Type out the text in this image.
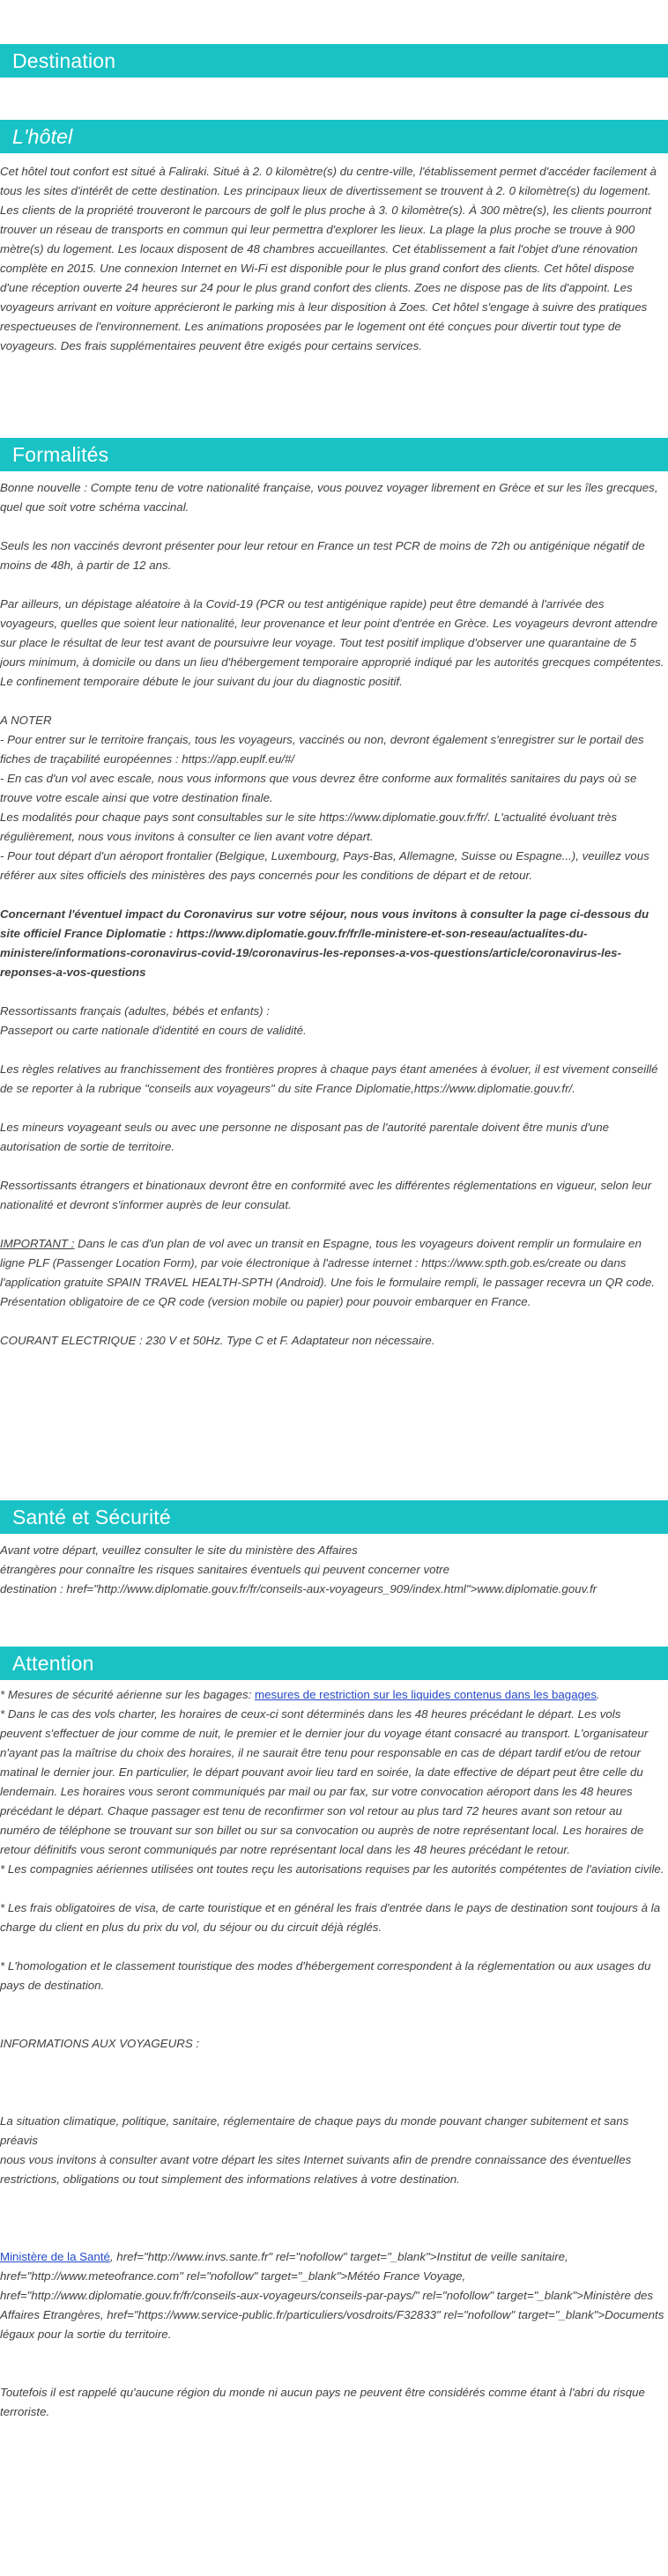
Destination
L'hôtel

Cet hôtel tout confort est situé à Faliraki. Situé à 2. 0 kilomètre(s) du centre-ville, l'établissement permet d'accéder facilement à tous les sites d'intérêt de cette destination. Les principaux lieux de divertissement se trouvent à 2. 0 kilomètre(s) du logement. Les clients de la propriété trouveront le parcours de golf le plus proche à 3. 0 kilomètre(s). À 300 mètre(s), les clients pourront trouver un réseau de transports en commun qui leur permettra d'explorer les lieux. La plage la plus proche se trouve à 900 mètre(s) du logement. Les locaux disposent de 48 chambres accueillantes. Cet établissement a fait l'objet d'une rénovation complète en 2015. Une connexion Internet en Wi-Fi est disponible pour le plus grand confort des clients. Cet hôtel dispose d'une réception ouverte 24 heures sur 24 pour le plus grand confort des clients. Zoes ne dispose pas de lits d'appoint. Les voyageurs arrivant en voiture apprécieront le parking mis à leur disposition à Zoes. Cet hôtel s'engage à suivre des pratiques respectueuses de l'environnement. Les animations proposées par le logement ont été conçues pour divertir tout type de voyageurs. Des frais supplémentaires peuvent être exigés pour certains services.

Formalités

Bonne nouvelle : Compte tenu de votre nationalité française, vous pouvez voyager librement en Grèce et sur les îles grecques, quel que soit votre schéma vaccinal.

Seuls les non vaccinés devront présenter pour leur retour en France un test PCR de moins de 72h ou antigénique négatif de moins de 48h, à partir de 12 ans.

Par ailleurs, un dépistage aléatoire à la Covid-19 (PCR ou test antigénique rapide) peut être demandé à l'arrivée des voyageurs, quelles que soient leur nationalité, leur provenance et leur point d'entrée en Grèce. Les voyageurs devront attendre sur place le résultat de leur test avant de poursuivre leur voyage. Tout test positif implique d'observer une quarantaine de 5 jours minimum, à domicile ou dans un lieu d'hébergement temporaire approprié indiqué par les autorités grecques compétentes. Le confinement temporaire débute le jour suivant du jour du diagnostic positif.

A NOTER

- Pour entrer sur le territoire français, tous les voyageurs, vaccinés ou non, devront également s'enregistrer sur le portail des fiches de traçabilité européennes : https://app.euplf.eu/#/

- En cas d'un vol avec escale, nous vous informons que vous devrez être conforme aux formalités sanitaires du pays où se trouve votre escale ainsi que votre destination finale.

Les modalités pour chaque pays sont consultables sur le site https://www.diplomatie.gouv.fr/fr/. L'actualité évoluant très régulièrement, nous vous invitons à consulter ce lien avant votre départ.

- Pour tout départ d'un aéroport frontalier (Belgique, Luxembourg, Pays-Bas, Allemagne, Suisse ou Espagne...), veuillez vous référer aux sites officiels des ministères des pays concernés pour les conditions de départ et de retour.

Concernant l'éventuel impact du Coronavirus sur votre séjour, nous vous invitons à consulter la page ci-dessous du site officiel France Diplomatie : https://www.diplomatie.gouv.fr/fr/le-ministere-et-son-reseau/actualites-du-ministere/informations-coronavirus-covid-19/coronavirus-les-reponses-a-vos-questions/article/coronavirus-les-reponses-a-vos-questions

Ressortissants français (adultes, bébés et enfants) :

Passeport ou carte nationale d'identité en cours de validité.

Les règles relatives au franchissement des frontières propres à chaque pays étant amenées à évoluer, il est vivement conseillé de se reporter à la rubrique "conseils aux voyageurs" du site France Diplomatie,https://www.diplomatie.gouv.fr/.

Les mineurs voyageant seuls ou avec une personne ne disposant pas de l'autorité parentale doivent être munis d'une autorisation de sortie de territoire.

Ressortissants étrangers et binationaux devront être en conformité avec les différentes réglementations en vigueur, selon leur nationalité et devront s'informer auprès de leur consulat.

IMPORTANT : Dans le cas d'un plan de vol avec un transit en Espagne, tous les voyageurs doivent remplir un formulaire en ligne PLF (Passenger Location Form), par voie électronique à l'adresse internet : https://www.spth.gob.es/create ou dans l'application gratuite SPAIN TRAVEL HEALTH-SPTH (Android). Une fois le formulaire rempli, le passager recevra un QR code. Présentation obligatoire de ce QR code (version mobile ou papier) pour pouvoir embarquer en France.

COURANT ELECTRIQUE : 230 V et 50Hz. Type C et F. Adaptateur non nécessaire.

Santé et Sécurité

Avant votre départ, veuillez consulter le site du ministère des Affaires

étrangères pour connaître les risques sanitaires éventuels qui peuvent concerner votre

destination : href="http://www.diplomatie.gouv.fr/fr/conseils-aux-voyageurs_909/index.html">www.diplomatie.gouv.fr

Attention

* Mesures de sécurité aérienne sur les bagages: mesures de restriction sur les liquides contenus dans les bagages.

* Dans le cas des vols charter, les horaires de ceux-ci sont déterminés dans les 48 heures précédant le départ. Les vols peuvent s'effectuer de jour comme de nuit, le premier et le dernier jour du voyage étant consacré au transport. L'organisateur n'ayant pas la maîtrise du choix des horaires, il ne saurait être tenu pour responsable en cas de départ tardif et/ou de retour matinal le dernier jour. En particulier, le départ pouvant avoir lieu tard en soirée, la date effective de départ peut être celle du lendemain. Les horaires vous seront communiqués par mail ou par fax, sur votre convocation aéroport dans les 48 heures précédant le départ. Chaque passager est tenu de reconfirmer son vol retour au plus tard 72 heures avant son retour au numéro de téléphone se trouvant sur son billet ou sur sa convocation ou auprès de notre représentant local. Les horaires de retour définitifs vous seront communiqués par notre représentant local dans les 48 heures précédant le retour.

* Les compagnies aériennes utilisées ont toutes reçu les autorisations requises par les autorités compétentes de l'aviation civile.

* Les frais obligatoires de visa, de carte touristique et en général les frais d'entrée dans le pays de destination sont toujours à la charge du client en plus du prix du vol, du séjour ou du circuit déjà réglés.

* L'homologation et le classement touristique des modes d'hébergement correspondent à la réglementation ou aux usages du pays de destination.

INFORMATIONS AUX VOYAGEURS :

La situation climatique, politique, sanitaire, réglementaire de chaque pays du monde pouvant changer subitement et sans préavis

nous vous invitons à consulter avant votre départ les sites Internet suivants afin de prendre connaissance des éventuelles restrictions, obligations ou tout simplement des informations relatives à votre destination.

Ministère de la Santé, href="http://www.invs.sante.fr" rel="nofollow" target="_blank">Institut de veille sanitaire, href="http://www.meteofrance.com" rel="nofollow" target="_blank">Météo France Voyage, href="http://www.diplomatie.gouv.fr/fr/conseils-aux-voyageurs/conseils-par-pays/" rel="nofollow" target="_blank">Ministère des Affaires Etrangères, href="https://www.service-public.fr/particuliers/vosdroits/F32833" rel="nofollow" target="_blank">Documents légaux pour la sortie du territoire.

Toutefois il est rappelé qu'aucune région du monde ni aucun pays ne peuvent être considérés comme étant à l'abri du risque terroriste.
